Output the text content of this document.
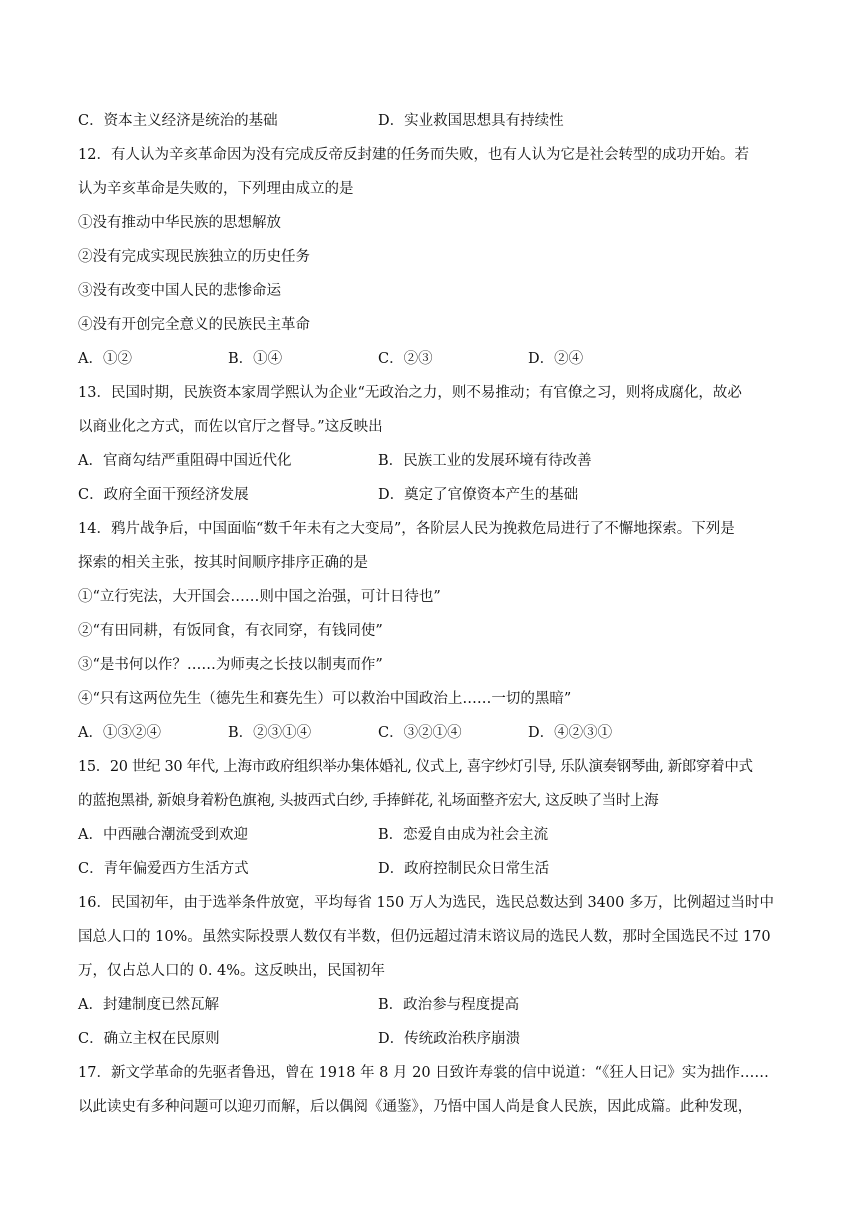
C．资本主义经济是统治的基础	D．实业救国思想具有持续性
12．有人认为辛亥革命因为没有完成反帝反封建的任务而失败，也有人认为它是社会转型的成功开始。若
认为辛亥革命是失败的，下列理由成立的是
①没有推动中华民族的思想解放
②没有完成实现民族独立的历史任务
③没有改变中国人民的悲惨命运
④没有开创完全意义的民族民主革命
A．①②	B．①④	C．②③	D．②④
13．民国时期，民族资本家周学熙认为企业“无政治之力，则不易推动；有官僚之习，则将成腐化，故必
以商业化之方式，而佐以官厅之督导。”这反映出
A．官商勾结严重阻碍中国近代化	B．民族工业的发展环境有待改善
C．政府全面干预经济发展	D．奠定了官僚资本产生的基础
14．鸦片战争后，中国面临“数千年未有之大变局”，各阶层人民为挽救危局进行了不懈地探索。下列是
探索的相关主张，按其时间顺序排序正确的是
①“立行宪法，大开国会……则中国之治强，可计日待也”
②“有田同耕，有饭同食，有衣同穿，有钱同使”
③“是书何以作？……为师夷之长技以制夷而作”
④“只有这两位先生（德先生和赛先生）可以救治中国政治上……一切的黑暗”
A．①③②④	B．②③①④	C．③②①④	D．④②③①
15．20 世纪 30 年代, 上海市政府组织举办集体婚礼, 仪式上, 喜字纱灯引导, 乐队演奏钢琴曲, 新郎穿着中式
的蓝抱黑褂, 新娘身着粉色旗袍, 头披西式白纱, 手捧鲜花, 礼场面整齐宏大, 这反映了当时上海
A．中西融合潮流受到欢迎	B．恋爱自由成为社会主流
C．青年偏爱西方生活方式	D．政府控制民众日常生活
16．民国初年，由于选举条件放宽，平均每省 150 万人为选民，选民总数达到 3400 多万，比例超过当时中
国总人口的 10%。虽然实际投票人数仅有半数，但仍远超过清末谘议局的选民人数，那时全国选民不过 170
万，仅占总人口的 0. 4%。这反映出，民国初年
A．封建制度已然瓦解	B．政治参与程度提高
C．确立主权在民原则	D．传统政治秩序崩溃
17．新文学革命的先驱者鲁迅，曾在 1918 年 8 月 20 日致许寿裳的信中说道：“《狂人日记》实为拙作……
以此读史有多种问题可以迎刃而解，后以偶阅《通鉴》，乃悟中国人尚是食人民族，因此成篇。此种发现，
